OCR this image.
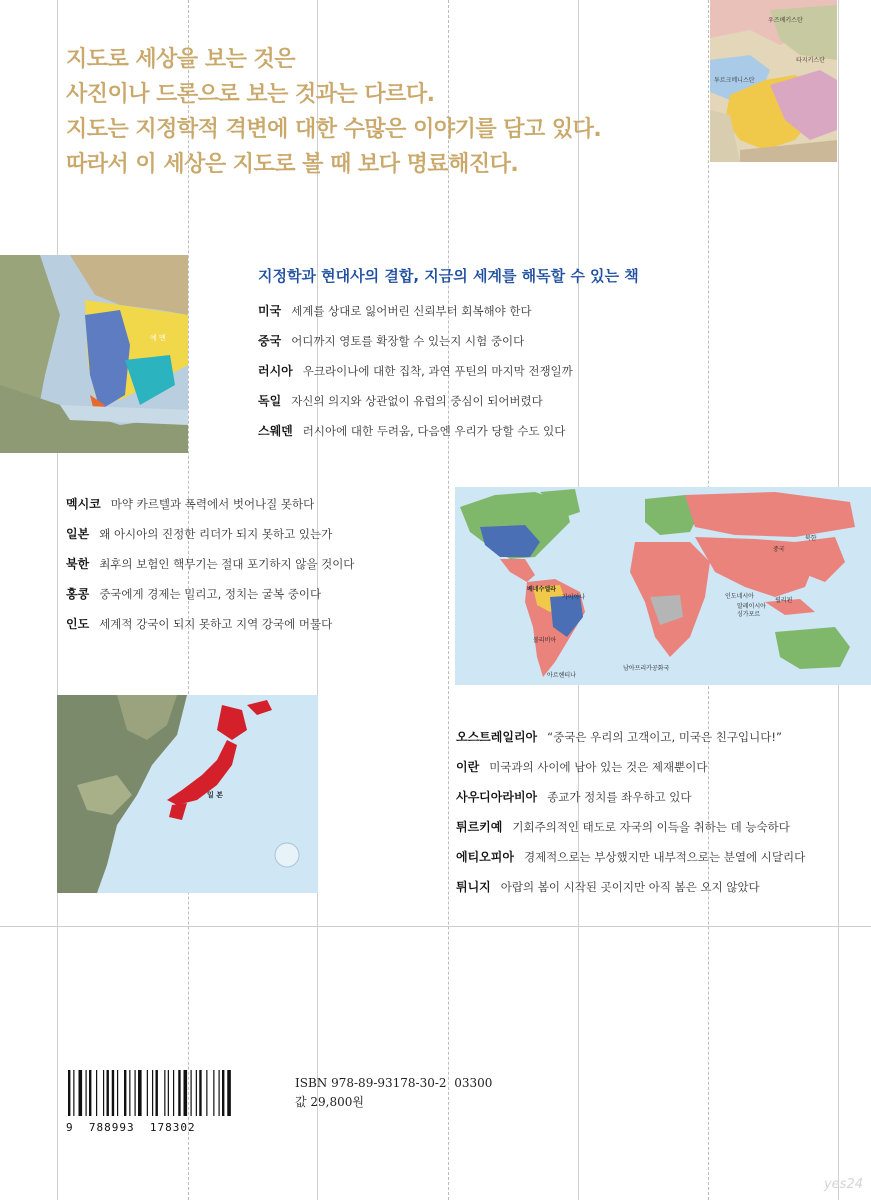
지도로 세상을 보는 것은
사진이나 드론으로 보는 것과는 다르다.
지도는 지정학적 격변에 대한 수많은 이야기를 담고 있다.
따라서 이 세상은 지도로 볼 때 보다 명료해진다.
투르크메니스탄
우즈베키스탄
타지키스탄
예 멘
지정학과 현대사의 결합, 지금의 세계를 해독할 수 있는 책
미국 세계를 상대로 잃어버린 신뢰부터 회복해야 한다
중국 어디까지 영토를 확장할 수 있는지 시험 중이다
러시아 우크라이나에 대한 집착, 과연 푸틴의 마지막 전쟁일까
독일 자신의 의지와 상관없이 유럽의 중심이 되어버렸다
스웨덴 러시아에 대한 두려움, 다음엔 우리가 당할 수도 있다
멕시코 마약 카르텔과 폭력에서 벗어나질 못하다
일본 왜 아시아의 진정한 리더가 되지 못하고 있는가
북한 최후의 보험인 핵무기는 절대 포기하지 않을 것이다
홍콩 중국에게 경제는 밀리고, 정치는 굴복 중이다
인도 세계적 강국이 되지 못하고 지역 강국에 머물다
베네수엘라
가이아나
볼리비아
아르헨티나
남아프리카공화국
인도네시아
말레이시아
싱가포르
필리핀
중국
북한
일 본
오스트레일리아 “중국은 우리의 고객이고, 미국은 친구입니다!”
이란 미국과의 사이에 남아 있는 것은 제재뿐이다
사우디아라비아 종교가 정치를 좌우하고 있다
튀르키예 기회주의적인 태도로 자국의 이득을 취하는 데 능숙하다
에티오피아 경제적으로는 부상했지만 내부적으로는 분열에 시달리다
튀니지 아랍의 봄이 시작된 곳이지만 아직 봄은 오지 않았다
9  788993  178302
ISBN 978-89-93178-30-2  03300
값 29,800원
yes24
